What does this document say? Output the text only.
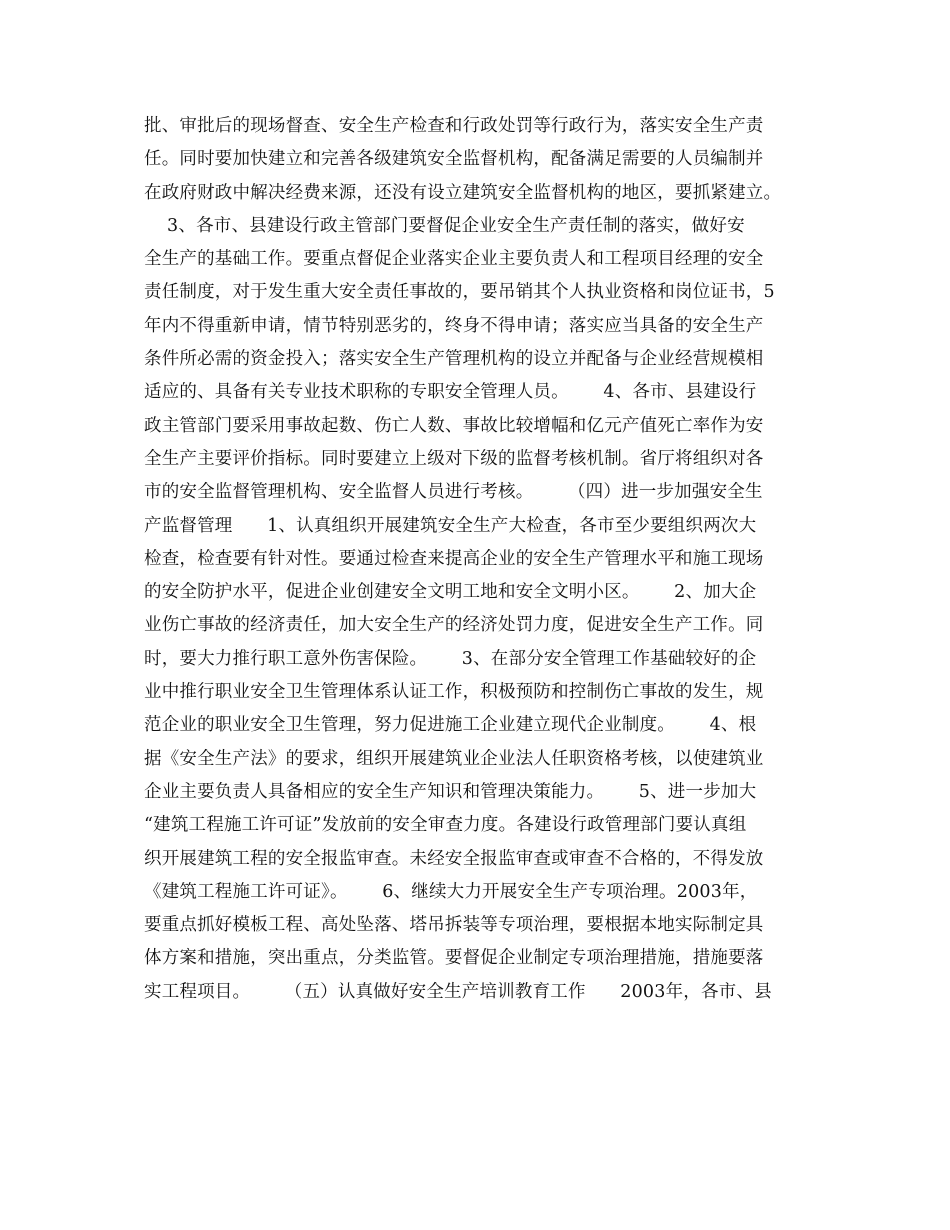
批、审批后的现场督查、安全生产检查和行政处罚等行政行为，落实安全生产责
任。同时要加快建立和完善各级建筑安全监督机构，配备满足需要的人员编制并
在政府财政中解决经费来源，还没有设立建筑安全监督机构的地区，要抓紧建立。
3、各市、县建设行政主管部门要督促企业安全生产责任制的落实，做好安
全生产的基础工作。要重点督促企业落实企业主要负责人和工程项目经理的安全
责任制度，对于发生重大安全责任事故的，要吊销其个人执业资格和岗位证书，5
年内不得重新申请，情节特别恶劣的，终身不得申请；落实应当具备的安全生产
条件所必需的资金投入；落实安全生产管理机构的设立并配备与企业经营规模相
适应的、具备有关专业技术职称的专职安全管理人员。      4、各市、县建设行
政主管部门要采用事故起数、伤亡人数、事故比较增幅和亿元产值死亡率作为安
全生产主要评价指标。同时要建立上级对下级的监督考核机制。省厅将组织对各
市的安全监督管理机构、安全监督人员进行考核。      （四）进一步加强安全生
产监督管理      1、认真组织开展建筑安全生产大检查，各市至少要组织两次大
检查，检查要有针对性。要通过检查来提高企业的安全生产管理水平和施工现场
的安全防护水平，促进企业创建安全文明工地和安全文明小区。      2、加大企
业伤亡事故的经济责任，加大安全生产的经济处罚力度，促进安全生产工作。同
时，要大力推行职工意外伤害保险。      3、在部分安全管理工作基础较好的企
业中推行职业安全卫生管理体系认证工作，积极预防和控制伤亡事故的发生，规
范企业的职业安全卫生管理，努力促进施工企业建立现代企业制度。      4、根
据《安全生产法》的要求，组织开展建筑业企业法人任职资格考核，以使建筑业
企业主要负责人具备相应的安全生产知识和管理决策能力。      5、进一步加大
“建筑工程施工许可证”发放前的安全审查力度。各建设行政管理部门要认真组
织开展建筑工程的安全报监审查。未经安全报监审查或审查不合格的，不得发放
《建筑工程施工许可证》。      6、继续大力开展安全生产专项治理。2003年，
要重点抓好模板工程、高处坠落、塔吊拆装等专项治理，要根据本地实际制定具
体方案和措施，突出重点，分类监管。要督促企业制定专项治理措施，措施要落
实工程项目。      （五）认真做好安全生产培训教育工作      2003年，各市、县
